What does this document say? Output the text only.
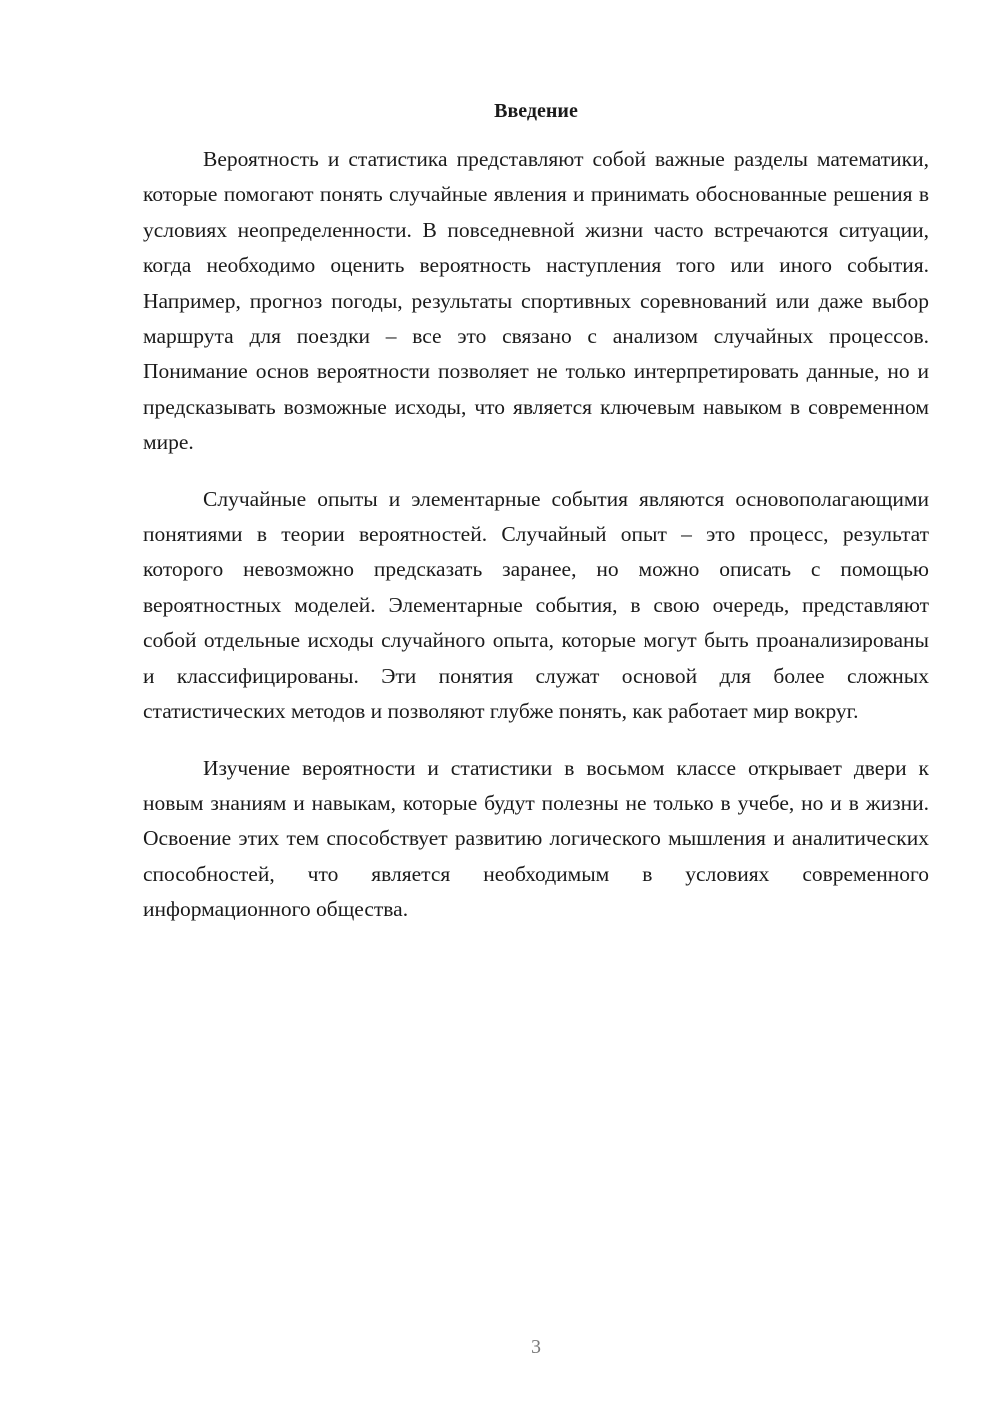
Введение

Вероятность и статистика представляют собой важные разделы математики, которые помогают понять случайные явления и принимать обоснованные решения в условиях неопределенности. В повседневной жизни часто встречаются ситуации, когда необходимо оценить вероятность наступления того или иного события. Например, прогноз погоды, результаты спортивных соревнований или даже выбор маршрута для поездки – все это связано с анализом случайных процессов. Понимание основ вероятности позволяет не только интерпретировать данные, но и предсказывать возможные исходы, что является ключевым навыком в современном мире.

Случайные опыты и элементарные события являются основополагающими понятиями в теории вероятностей. Случайный опыт – это процесс, результат которого невозможно предсказать заранее, но можно описать с помощью вероятностных моделей. Элементарные события, в свою очередь, представляют собой отдельные исходы случайного опыта, которые могут быть проанализированы и классифицированы. Эти понятия служат основой для более сложных статистических методов и позволяют глубже понять, как работает мир вокруг.

Изучение вероятности и статистики в восьмом классе открывает двери к новым знаниям и навыкам, которые будут полезны не только в учебе, но и в жизни. Освоение этих тем способствует развитию логического мышления и аналитических способностей, что является необходимым в условиях современного информационного общества.

3
